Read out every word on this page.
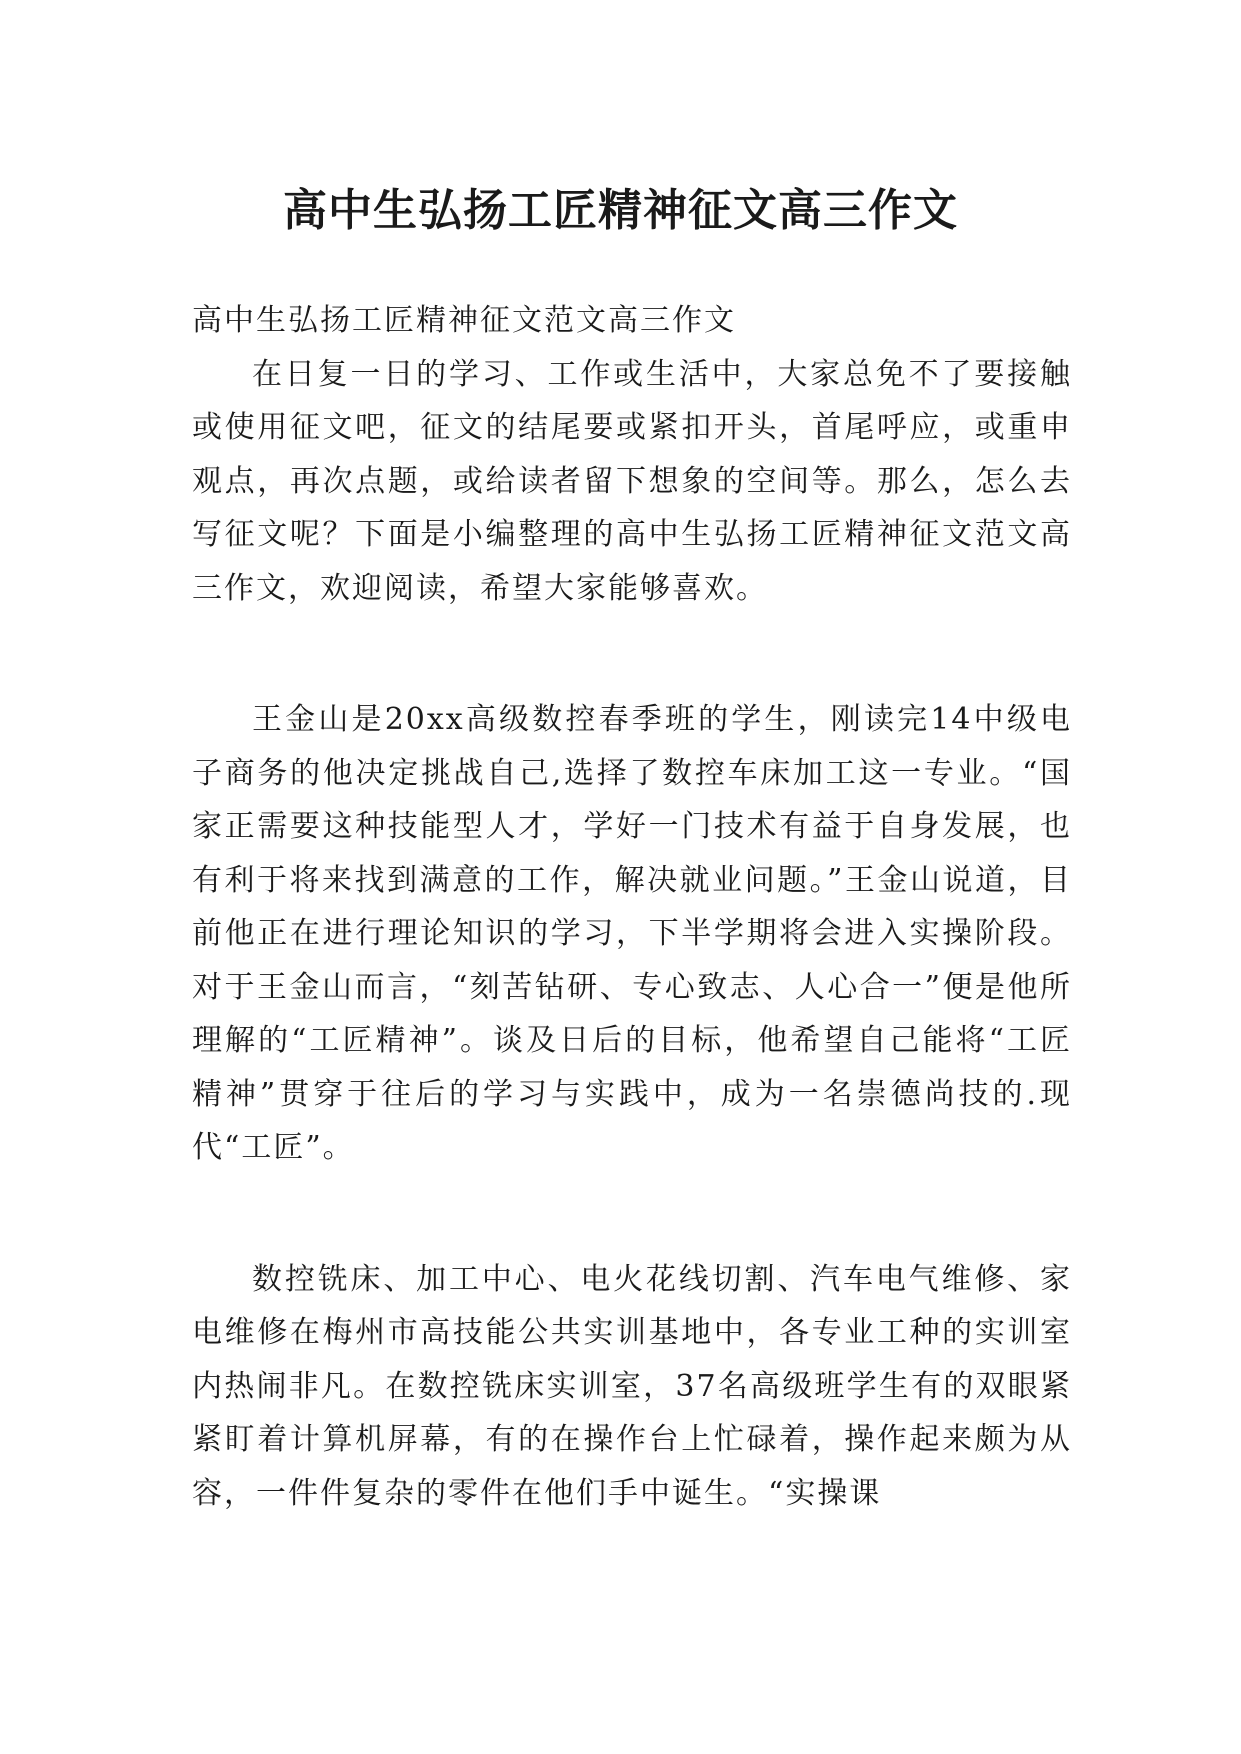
高中生弘扬工匠精神征文高三作文

高中生弘扬工匠精神征文范文高三作文

在日复一日的学习、工作或生活中，大家总免不了要接触或使用征文吧，征文的结尾要或紧扣开头，首尾呼应，或重申观点，再次点题，或给读者留下想象的空间等。那么，怎么去写征文呢？下面是小编整理的高中生弘扬工匠精神征文范文高三作文，欢迎阅读，希望大家能够喜欢。

王金山是20xx高级数控春季班的学生，刚读完14中级电子商务的他决定挑战自己,选择了数控车床加工这一专业。“国家正需要这种技能型人才，学好一门技术有益于自身发展，也有利于将来找到满意的工作，解决就业问题。”王金山说道，目前他正在进行理论知识的学习，下半学期将会进入实操阶段。对于王金山而言，“刻苦钻研、专心致志、人心合一”便是他所理解的“工匠精神”。谈及日后的目标，他希望自己能将“工匠精神”贯穿于往后的学习与实践中，成为一名崇德尚技的.现代“工匠”。

数控铣床、加工中心、电火花线切割、汽车电气维修、家电维修在梅州市高技能公共实训基地中，各专业工种的实训室内热闹非凡。在数控铣床实训室，37名高级班学生有的双眼紧紧盯着计算机屏幕，有的在操作台上忙碌着，操作起来颇为从容，一件件复杂的零件在他们手中诞生。“实操课
